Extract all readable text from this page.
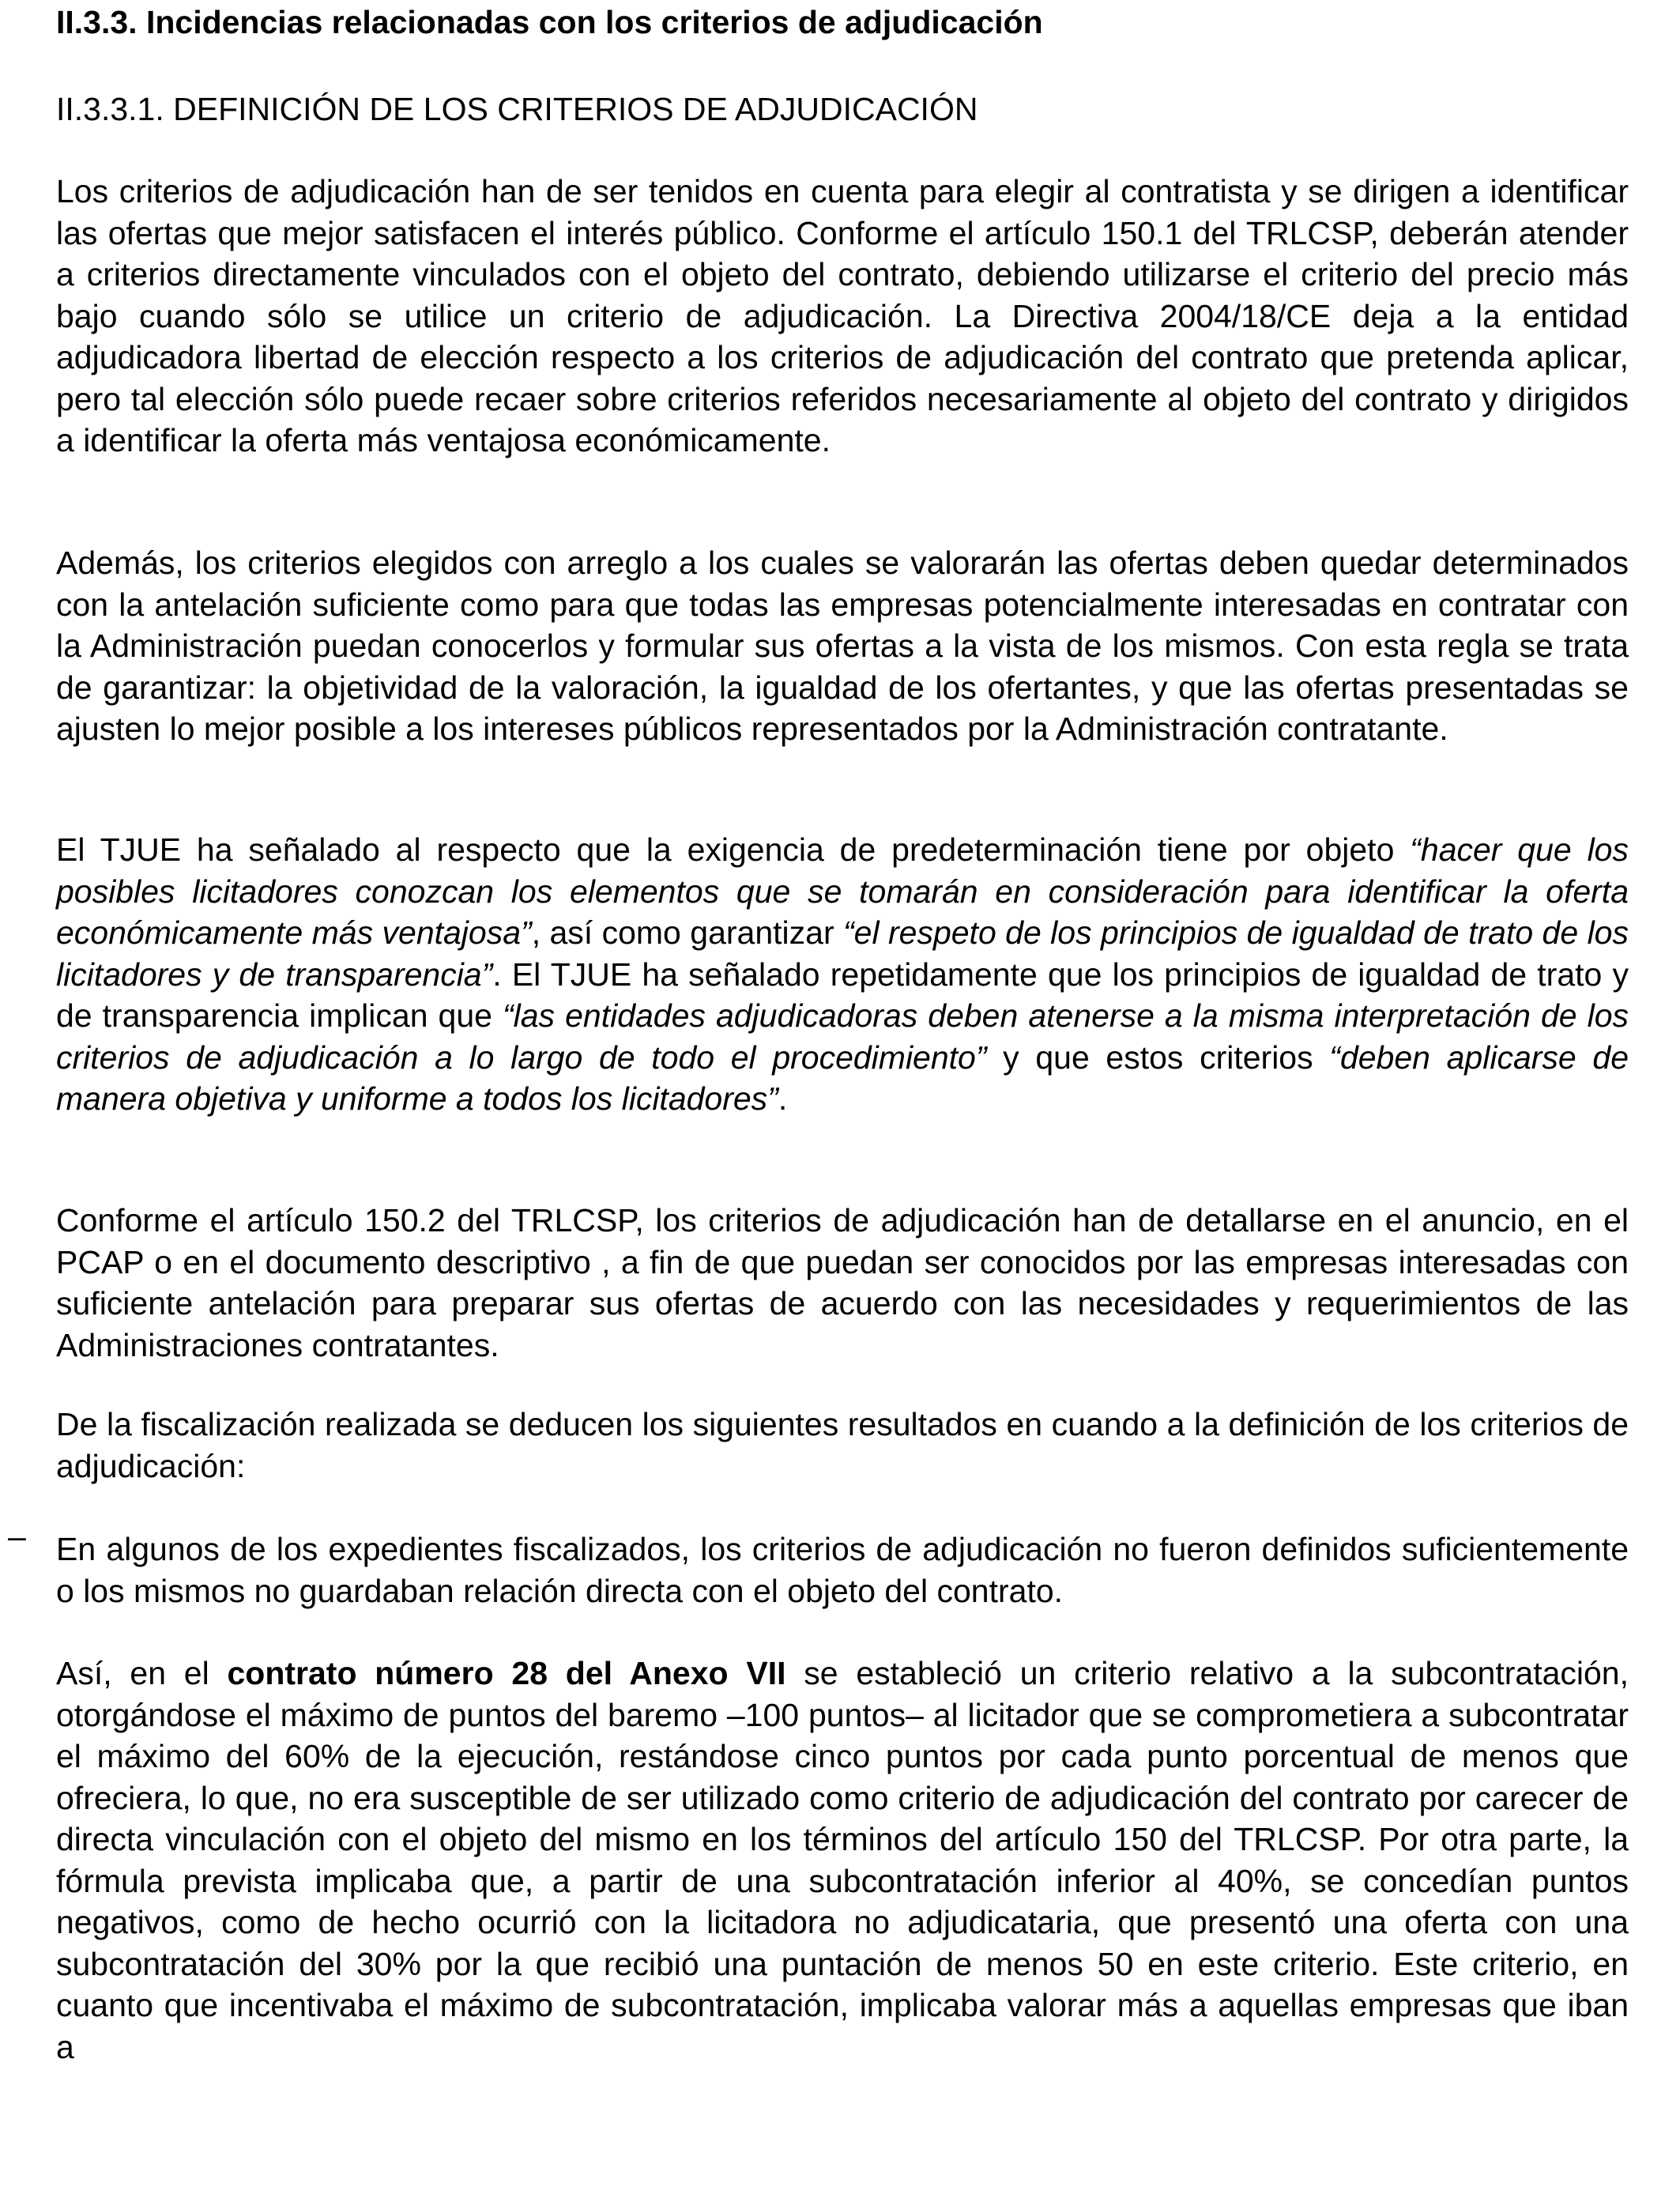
II.3.3. Incidencias relacionadas con los criterios de adjudicación
II.3.3.1. DEFINICIÓN DE LOS CRITERIOS DE ADJUDICACIÓN

Los criterios de adjudicación han de ser tenidos en cuenta para elegir al contratista y se dirigen a identificar las ofertas que mejor satisfacen el interés público. Conforme el artículo 150.1 del TRLCSP, deberán atender a criterios directamente vinculados con el objeto del contrato, debiendo utilizarse el criterio del precio más bajo cuando sólo se utilice un criterio de adjudicación. La Directiva 2004/18/CE deja a la entidad adjudicadora libertad de elección respecto a los criterios de adjudicación del contrato que pretenda aplicar, pero tal elección sólo puede recaer sobre criterios referidos necesariamente al objeto del contrato y dirigidos a identificar la oferta más ventajosa económicamente.

Además, los criterios elegidos con arreglo a los cuales se valorarán las ofertas deben quedar determinados con la antelación suficiente como para que todas las empresas potencialmente interesadas en contratar con la Administración puedan conocerlos y formular sus ofertas a la vista de los mismos. Con esta regla se trata de garantizar: la objetividad de la valoración, la igualdad de los ofertantes, y que las ofertas presentadas se ajusten lo mejor posible a los intereses públicos representados por la Administración contratante.

El TJUE ha señalado al respecto que la exigencia de predeterminación tiene por objeto “hacer que los posibles licitadores conozcan los elementos que se tomarán en consideración para identificar la oferta económicamente más ventajosa”, así como garantizar “el respeto de los principios de igualdad de trato de los licitadores y de transparencia”. El TJUE ha señalado repetidamente que los principios de igualdad de trato y de transparencia implican que “las entidades adjudicadoras deben atenerse a la misma interpretación de los criterios de adjudicación a lo largo de todo el procedimiento” y que estos criterios “deben aplicarse de manera objetiva y uniforme a todos los licitadores”.

Conforme el artículo 150.2 del TRLCSP, los criterios de adjudicación han de detallarse en el anuncio, en el PCAP o en el documento descriptivo , a fin de que puedan ser conocidos por las empresas interesadas con suficiente antelación para preparar sus ofertas de acuerdo con las necesidades y requerimientos de las Administraciones contratantes.

De la fiscalización realizada se deducen los siguientes resultados en cuando a la definición de los criterios de adjudicación:

En algunos de los expedientes fiscalizados, los criterios de adjudicación no fueron definidos suficientemente o los mismos no guardaban relación directa con el objeto del contrato.

Así, en el contrato número 28 del Anexo VII se estableció un criterio relativo a la subcontratación, otorgándose el máximo de puntos del baremo –100 puntos– al licitador que se comprometiera a subcontratar el máximo del 60% de la ejecución, restándose cinco puntos por cada punto porcentual de menos que ofreciera, lo que, no era susceptible de ser utilizado como criterio de adjudicación del contrato por carecer de directa vinculación con el objeto del mismo en los términos del artículo 150 del TRLCSP. Por otra parte, la fórmula prevista implicaba que, a partir de una subcontratación inferior al 40%, se concedían puntos negativos, como de hecho ocurrió con la licitadora no adjudicataria, que presentó una oferta con una subcontratación del 30% por la que recibió una puntación de menos 50 en este criterio. Este criterio, en cuanto que incentivaba el máximo de subcontratación, implicaba valorar más a aquellas empresas que iban a

–
